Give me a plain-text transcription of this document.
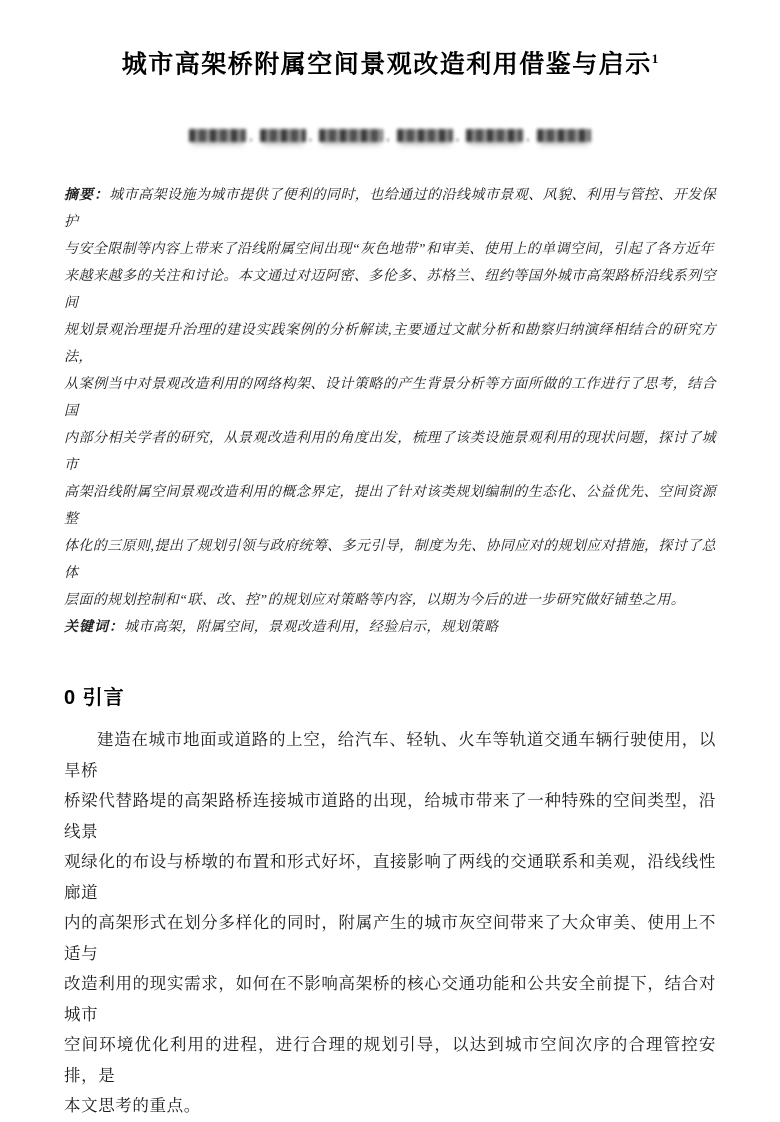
城市高架桥附属空间景观改造利用借鉴与启示$^1$
,	,	,	,	,
摘要：城市高架设施为城市提供了便利的同时，也给通过的沿线城市景观、风貌、利用与管控、开发保护
与安全限制等内容上带来了沿线附属空间出现“灰色地带”和审美、使用上的单调空间，引起了各方近年
来越来越多的关注和讨论。本文通过对迈阿密、多伦多、苏格兰、纽约等国外城市高架路桥沿线系列空间
规划景观治理提升治理的建设实践案例的分析解读,主要通过文献分析和勘察归纳演绎相结合的研究方法，
从案例当中对景观改造利用的网络构架、设计策略的产生背景分析等方面所做的工作进行了思考，结合国
内部分相关学者的研究，从景观改造利用的角度出发，梳理了该类设施景观利用的现状问题，探讨了城市
高架沿线附属空间景观改造利用的概念界定，提出了针对该类规划编制的生态化、公益优先、空间资源整
体化的三原则,提出了规划引领与政府统筹、多元引导，制度为先、协同应对的规划应对措施，探讨了总体
层面的规划控制和“联、改、控”的规划应对策略等内容，以期为今后的进一步研究做好铺垫之用。
关键词：城市高架，附属空间，景观改造利用，经验启示，规划策略
0 引言
建造在城市地面或道路的上空，给汽车、轻轨、火车等轨道交通车辆行驶使用，以旱桥
桥梁代替路堤的高架路桥连接城市道路的出现，给城市带来了一种特殊的空间类型，沿线景
观绿化的布设与桥墩的布置和形式好坏，直接影响了两线的交通联系和美观，沿线线性廊道
内的高架形式在划分多样化的同时，附属产生的城市灰空间带来了大众审美、使用上不适与
改造利用的现实需求，如何在不影响高架桥的核心交通功能和公共安全前提下，结合对城市
空间环境优化利用的进程，进行合理的规划引导，以达到城市空间次序的合理管控安排，是
本文思考的重点。
